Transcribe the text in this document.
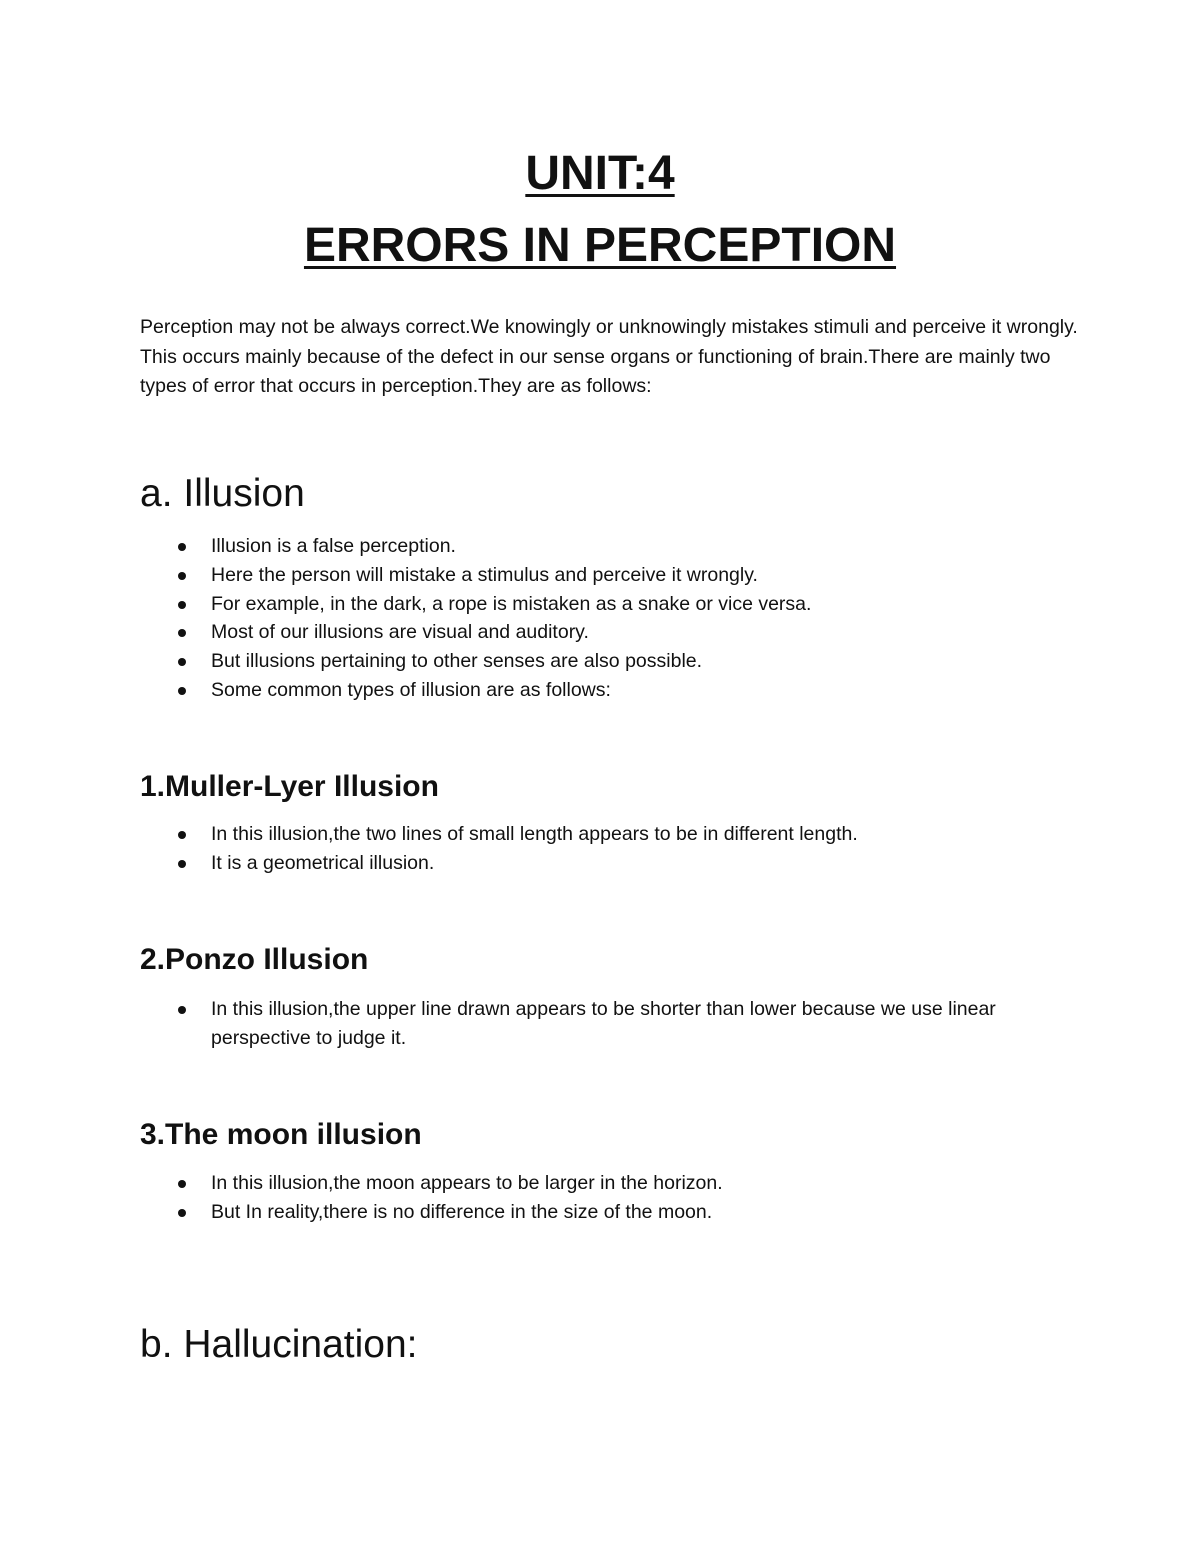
UNIT:4
ERRORS IN PERCEPTION

Perception may not be always correct.We knowingly or unknowingly mistakes stimuli and perceive it wrongly. This occurs mainly because of the defect in our sense organs or functioning of brain.There are mainly two types of error that occurs in perception.They are as follows:

a. Illusion
Illusion is a false perception.
Here the person will mistake a stimulus and perceive it wrongly.
For example, in the dark, a rope is mistaken as a snake or vice versa.
Most of our illusions are visual and auditory.
But illusions pertaining to other senses are also possible.
Some common types of illusion are as follows:
1.Muller-Lyer Illusion
In this illusion,the two lines of small length appears to be in different length.
It is a geometrical illusion.
2.Ponzo Illusion
In this illusion,the upper line drawn appears to be shorter than lower because we use linear perspective to judge it.
3.The moon illusion
In this illusion,the moon appears to be larger in the horizon.
But In reality,there is no difference in the size of the moon.
b. Hallucination:
